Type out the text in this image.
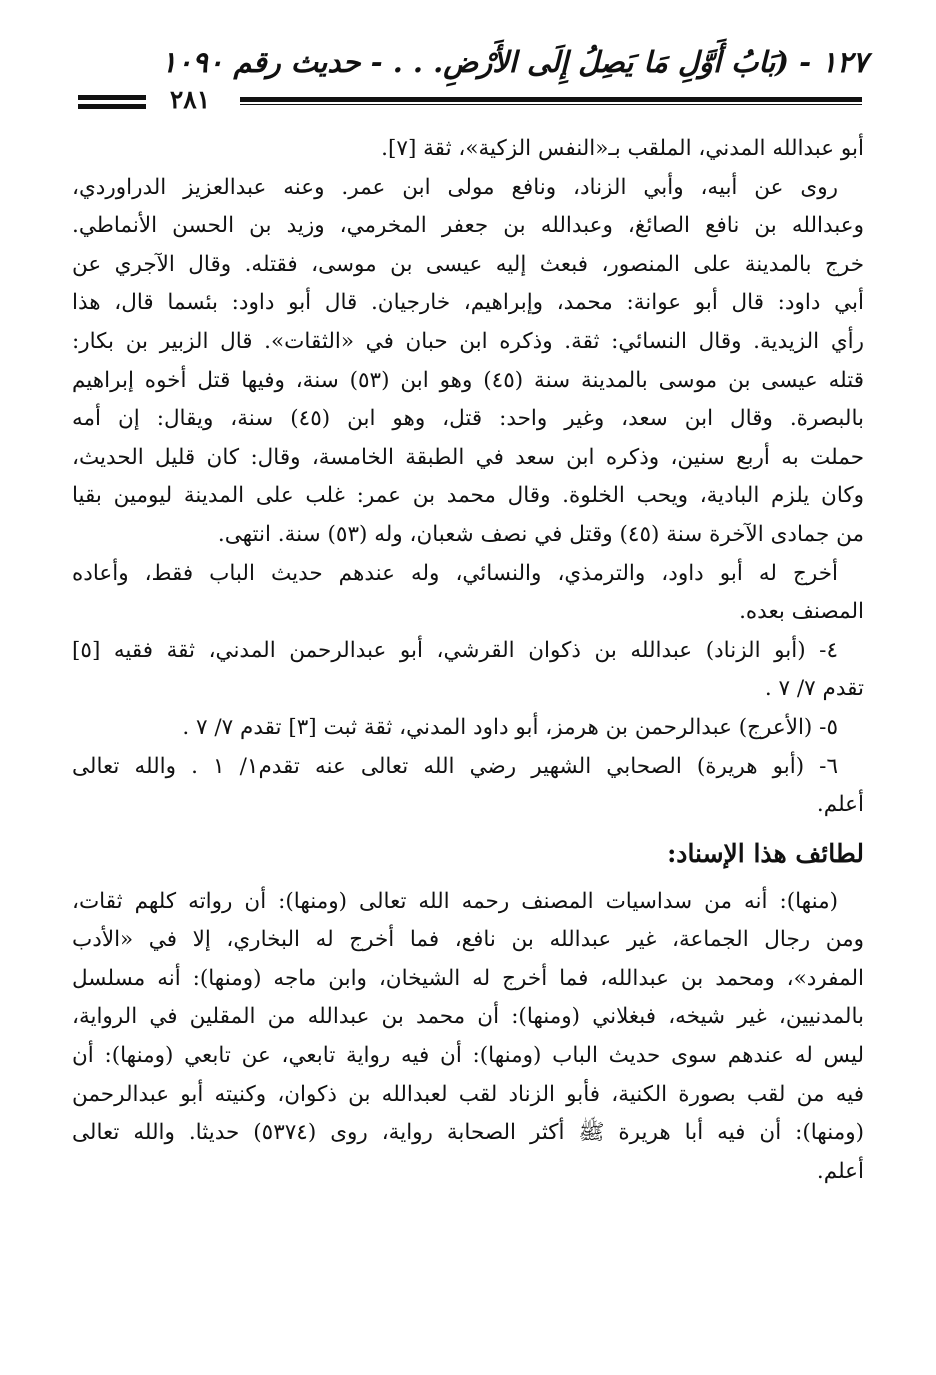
١٢٧ - (بَابُ أَوَّلِ مَا يَصِلُ إِلَى الأَرْضِ. . . - حديث رقم ١٠٩٠
٢٨١
أبو عبدالله المدني، الملقب بـ«النفس الزكية»، ثقة [٧].
روى عن أبيه، وأبي الزناد، ونافع مولى ابن عمر. وعنه عبدالعزيز الدراوردي،
وعبدالله بن نافع الصائغ، وعبدالله بن جعفر المخرمي، وزيد بن الحسن الأنماطي.
خرج بالمدينة على المنصور، فبعث إليه عيسى بن موسى، فقتله. وقال الآجري عن
أبي داود: قال أبو عوانة: محمد، وإبراهيم، خارجيان. قال أبو داود: بئسما قال، هذا
رأي الزيدية. وقال النسائي: ثقة. وذكره ابن حبان في «الثقات». قال الزبير بن بكار:
قتله عيسى بن موسى بالمدينة سنة (٤٥) وهو ابن (٥٣) سنة، وفيها قتل أخوه إبراهيم
بالبصرة. وقال ابن سعد، وغير واحد: قتل، وهو ابن (٤٥) سنة، ويقال: إن أمه
حملت به أربع سنين، وذكره ابن سعد في الطبقة الخامسة، وقال: كان قليل الحديث،
وكان يلزم البادية، ويحب الخلوة. وقال محمد بن عمر: غلب على المدينة ليومين بقيا
من جمادى الآخرة سنة (٤٥) وقتل في نصف شعبان، وله (٥٣) سنة. انتهى.
أخرج له أبو داود، والترمذي، والنسائي، وله عندهم حديث الباب فقط، وأعاده
المصنف بعده.
٤- (أبو الزناد) عبدالله بن ذكوان القرشي، أبو عبدالرحمن المدني، ثقة فقيه [٥]
تقدم ٧/ ٧ .
٥- (الأعرج) عبدالرحمن بن هرمز، أبو داود المدني، ثقة ثبت [٣] تقدم ٧/ ٧ .
٦- (أبو هريرة) الصحابي الشهير رضي الله تعالى عنه تقدم١/ ١ . والله تعالى
أعلم.
لطائف هذا الإسناد:
(منها): أنه من سداسيات المصنف رحمه الله تعالى (ومنها): أن رواته كلهم ثقات،
ومن رجال الجماعة، غير عبدالله بن نافع، فما أخرج له البخاري، إلا في «الأدب
المفرد»، ومحمد بن عبدالله، فما أخرج له الشيخان، وابن ماجه (ومنها): أنه مسلسل
بالمدنيين، غير شيخه، فبغلاني (ومنها): أن محمد بن عبدالله من المقلين في الرواية،
ليس له عندهم سوى حديث الباب (ومنها): أن فيه رواية تابعي، عن تابعي (ومنها): أن
فيه من لقب بصورة الكنية، فأبو الزناد لقب لعبدالله بن ذكوان، وكنيته أبو عبدالرحمن
(ومنها): أن فيه أبا هريرة ﷺ أكثر الصحابة رواية، روى (٥٣٧٤) حديثا. والله تعالى
أعلم.
